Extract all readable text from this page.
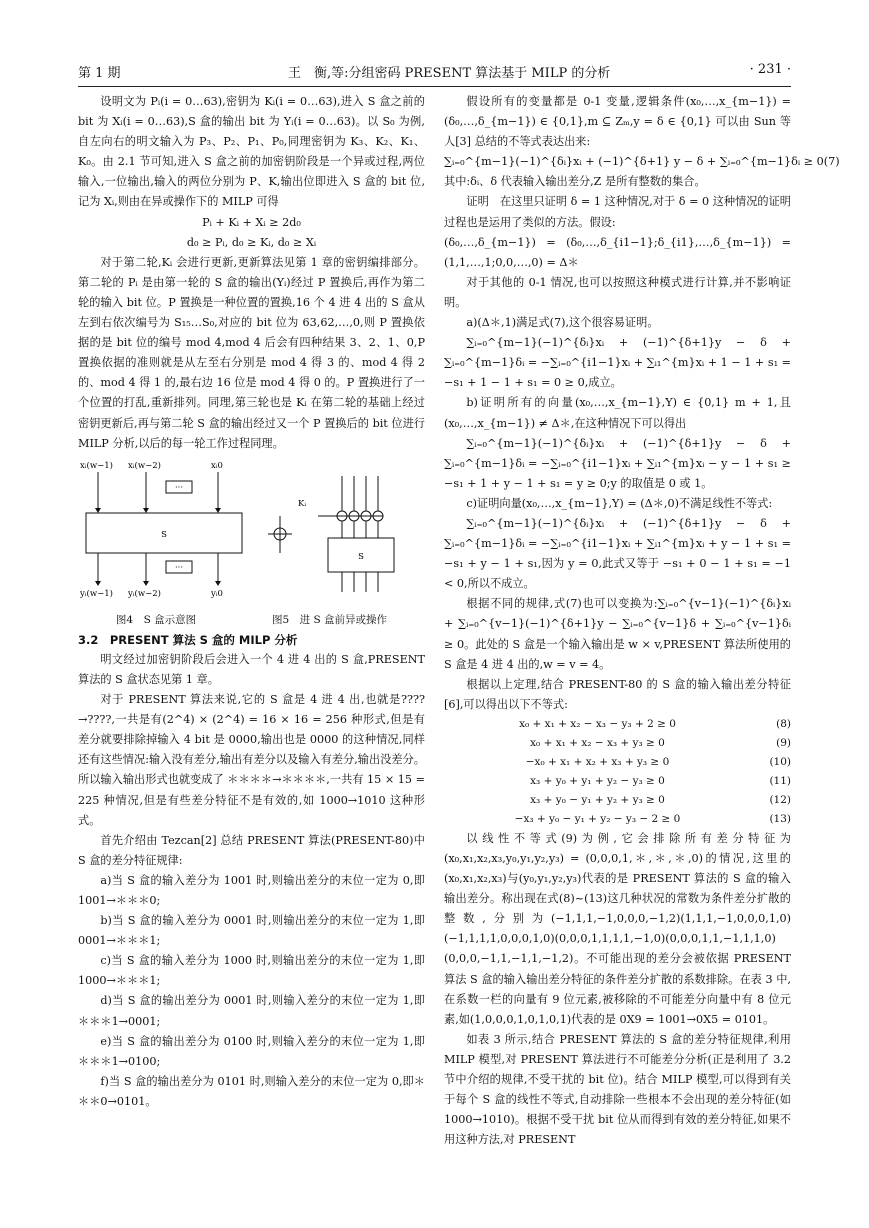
第 1 期	王　衡,等:分组密码 PRESENT 算法基于 MILP 的分析	· 231 ·

设明文为 Pᵢ(i = 0…63),密钥为 Kᵢ(i = 0…63),进入 S 盒之前的 bit 为 Xᵢ(i = 0…63),S 盒的输出 bit 为 Yᵢ(i = 0…63)。以 S₀ 为例,自左向右的明文输入为 P₃、P₂、P₁、P₀,同理密钥为 K₃、K₂、K₁、K₀。由 2.1 节可知,进入 S 盒之前的加密钥阶段是一个异或过程,两位输入,一位输出,输入的两位分别为 P、K,输出位即进入 S 盒的 bit 位,记为 Xᵢ,则由在异或操作下的 MILP 可得

Pᵢ + Kᵢ + Xᵢ ≥ 2d₀

d₀ ≥ Pᵢ, d₀ ≥ Kᵢ, d₀ ≥ Xᵢ

对于第二轮,Kᵢ 会进行更新,更新算法见第 1 章的密钥编排部分。第二轮的 Pᵢ 是由第一轮的 S 盒的输出(Yᵢ)经过 P 置换后,再作为第二轮的输入 bit 位。P 置换是一种位置的置换,16 个 4 进 4 出的 S 盒从左到右依次编号为 S₁₅…S₀,对应的 bit 位为 63,62,…,0,则 P 置换依据的是 bit 位的编号 mod 4,mod 4 后会有四种结果 3、2、1、0,P 置换依据的准则就是从左至右分别是 mod 4 得 3 的、mod 4 得 2 的、mod 4 得 1 的,最右边 16 位是 mod 4 得 0 的。P 置换进行了一个位置的打乱,重新排列。同理,第三轮也是 Kᵢ 在第二轮的基础上经过密钥更新后,再与第二轮 S 盒的输出经过又一个 P 置换后的 bit 位进行 MILP 分析,以后的每一轮工作过程同理。

xᵢ(w−1) xᵢ(w−2)	xᵢ0
···
S
···
yᵢ(w−1) yᵢ(w−2)	yᵢ0
Kᵢ
S
图4　S 盒示意图	图5　进 S 盒前异或操作

3.2　PRESENT 算法 S 盒的 MILP 分析

明文经过加密钥阶段后会进入一个 4 进 4 出的 S 盒,PRESENT 算法的 S 盒状态见第 1 章。

对于 PRESENT 算法来说,它的 S 盒是 4 进 4 出,也就是???? →????,一共是有(2^4) × (2^4) = 16 × 16 = 256 种形式,但是有差分就要排除掉输入 4 bit 是 0000,输出也是 0000 的这种情况,同样还有这些情况:输入没有差分,输出有差分以及输入有差分,输出没差分。所以输入输出形式也就变成了 ＊＊＊＊→＊＊＊＊,一共有 15 × 15 = 225 种情况,但是有些差分特征不是有效的,如 1000→1010 这种形式。

首先介绍由 Tezcan[2] 总结 PRESENT 算法(PRESENT-80)中 S 盒的差分特征规律:

a)当 S 盒的输入差分为 1001 时,则输出差分的末位一定为 0,即 1001→＊＊＊0;

b)当 S 盒的输入差分为 0001 时,则输出差分的末位一定为 1,即 0001→＊＊＊1;

c)当 S 盒的输入差分为 1000 时,则输出差分的末位一定为 1,即 1000→＊＊＊1;

d)当 S 盒的输出差分为 0001 时,则输入差分的末位一定为 1,即＊＊＊1→0001;

e)当 S 盒的输出差分为 0100 时,则输入差分的末位一定为 1,即＊＊＊1→0100;

f)当 S 盒的输出差分为 0101 时,则输入差分的末位一定为 0,即＊＊＊0→0101。

假设所有的变量都是 0-1 变量,逻辑条件(x₀,…,x_{m−1}) = (δ₀,…,δ_{m−1}) ∈ {0,1},m ⊆ Zₘ,y = δ ∈ {0,1} 可以由 Sun 等人[3] 总结的不等式表达出来:

∑ᵢ₌₀^{m−1}(−1)^{δᵢ}xᵢ + (−1)^{δ+1} y − δ + ∑ᵢ₌₀^{m−1}δᵢ ≥ 0 (7)

其中:δᵢ、δ 代表输入输出差分,Z 是所有整数的集合。

证明　在这里只证明 δ = 1 这种情况,对于 δ = 0 这种情况的证明过程也是运用了类似的方法。假设:

(δ₀,…,δ_{m−1}) = (δ₀,…,δ_{i1−1};δ_{i1},…,δ_{m−1}) = (1,1,…,1;0,0,…,0) = Δ＊

对于其他的 0-1 情况,也可以按照这种模式进行计算,并不影响证明。

a)(Δ＊,1)满足式(7),这个很容易证明。

∑ᵢ₌₀^{m−1}(−1)^{δᵢ}xᵢ + (−1)^{δ+1}y − δ + ∑ᵢ₌₀^{m−1}δᵢ = −∑ᵢ₌₀^{i1−1}xᵢ + ∑ᵢ₁^{m}xᵢ + 1 − 1 + s₁ = −s₁ + 1 − 1 + s₁ = 0 ≥ 0,成立。

b)证明所有的向量(x₀,…,x_{m−1},Y) ∈ {0,1} m + 1,且(x₀,…,x_{m−1}) ≠ Δ＊,在这种情况下可以得出

∑ᵢ₌₀^{m−1}(−1)^{δᵢ}xᵢ + (−1)^{δ+1}y − δ + ∑ᵢ₌₀^{m−1}δᵢ = −∑ᵢ₌₀^{i1−1}xᵢ + ∑ᵢ₁^{m}xᵢ − y − 1 + s₁ ≥ −s₁ + 1 + y − 1 + s₁ = y ≥ 0;y 的取值是 0 或 1。

c)证明向量(x₀,…,x_{m−1},Y) = (Δ＊,0)不满足线性不等式:

∑ᵢ₌₀^{m−1}(−1)^{δᵢ}xᵢ + (−1)^{δ+1}y − δ + ∑ᵢ₌₀^{m−1}δᵢ = −∑ᵢ₌₀^{i1−1}xᵢ + ∑ᵢ₁^{m}xᵢ + y − 1 + s₁ = −s₁ + y − 1 + s₁,因为 y = 0,此式又等于 −s₁ + 0 − 1 + s₁ = −1 < 0,所以不成立。

根据不同的规律,式(7)也可以变换为:∑ᵢ₌₀^{v−1}(−1)^{δᵢ}xᵢ + ∑ᵢ₌₀^{v−1}(−1)^{δ+1}y − ∑ᵢ₌₀^{v−1}δ + ∑ᵢ₌₀^{v−1}δᵢ ≥ 0。此处的 S 盒是一个输入输出是 w × v,PRESENT 算法所使用的 S 盒是 4 进 4 出的,w = v = 4。

根据以上定理,结合 PRESENT-80 的 S 盒的输入输出差分特征[6],可以得出以下不等式:

x₀ + x₁ + x₂ − x₃ − y₃ + 2 ≥ 0	(8)
x₀ + x₁ + x₂ − x₃ + y₃ ≥ 0	(9)
−x₀ + x₁ + x₂ + x₃ + y₃ ≥ 0	(10)
x₃ + y₀ + y₁ + y₂ − y₃ ≥ 0	(11)
x₃ + y₀ − y₁ + y₂ + y₃ ≥ 0	(12)
−x₃ + y₀ − y₁ + y₂ − y₃ − 2 ≥ 0	(13)

以线性不等式(9)为例,它会排除所有差分特征为(x₀,x₁,x₂,x₃,y₀,y₁,y₂,y₃) = (0,0,0,1,＊,＊,＊,0)的情况,这里的(x₀,x₁,x₂,x₃)与(y₀,y₁,y₂,y₃)代表的是 PRESENT 算法的 S 盒的输入输出差分。称出现在式(8)~(13)这几种状况的常数为条件差分扩散的整数,分别为(−1,1,1,−1,0,0,0,−1,2)(1,1,1,−1,0,0,0,1,0)(−1,1,1,1,0,0,0,1,0)(0,0,0,1,1,1,1,−1,0)(0,0,0,1,1,−1,1,1,0)(0,0,0,−1,1,−1,1,−1,2)。不可能出现的差分会被依据 PRESENT 算法 S 盒的输入输出差分特征的条件差分扩散的系数排除。在表 3 中,在系数一栏的向量有 9 位元素,被移除的不可能差分向量中有 8 位元素,如(1,0,0,0,1,0,1,0,1)代表的是 0X9 = 1001→0X5 = 0101。

如表 3 所示,结合 PRESENT 算法的 S 盒的差分特征规律,利用 MILP 模型,对 PRESENT 算法进行不可能差分分析(正是利用了 3.2 节中介绍的规律,不受干扰的 bit 位)。结合 MILP 模型,可以得到有关于每个 S 盒的线性不等式,自动排除一些根本不会出现的差分特征(如 1000→1010)。根据不受干扰 bit 位从而得到有效的差分特征,如果不用这种方法,对 PRESENT
